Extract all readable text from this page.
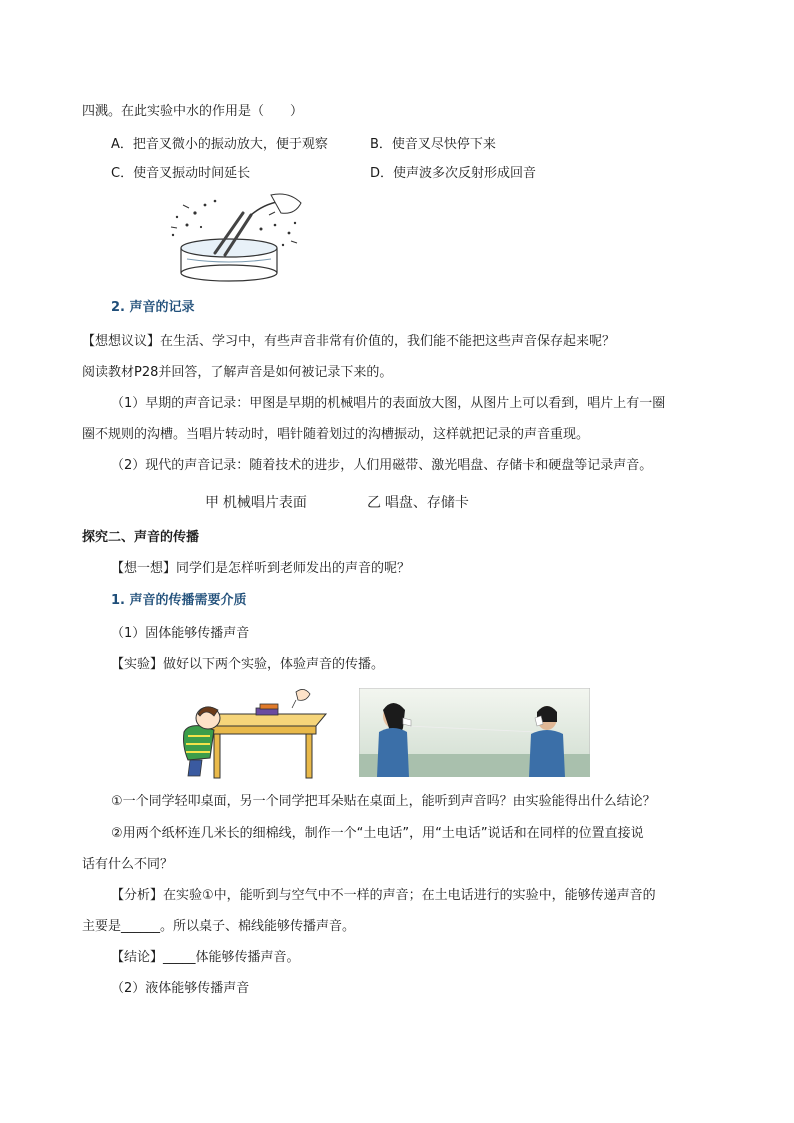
四溅。在此实验中水的作用是（　　）
A．把音叉微小的振动放大，便于观察	B．使音叉尽快停下来
C．使音叉振动时间延长	D．使声波多次反射形成回音
2. 声音的记录
【想想议议】在生活、学习中，有些声音非常有价值的，我们能不能把这些声音保存起来呢？
阅读教材P28并回答，了解声音是如何被记录下来的。
（1）早期的声音记录：甲图是早期的机械唱片的表面放大图，从图片上可以看到，唱片上有一圈
圈不规则的沟槽。当唱片转动时，唱针随着划过的沟槽振动，这样就把记录的声音重现。
（2）现代的声音记录：随着技术的进步，人们用磁带、激光唱盘、存储卡和硬盘等记录声音。
甲 机械唱片表面	乙 唱盘、存储卡
探究二、声音的传播
【想一想】同学们是怎样听到老师发出的声音的呢？
1. 声音的传播需要介质
（1）固体能够传播声音
【实验】做好以下两个实验，体验声音的传播。
①一个同学轻叩桌面，另一个同学把耳朵贴在桌面上，能听到声音吗？由实验能得出什么结论？
②用两个纸杯连几米长的细棉线，制作一个“土电话”，用“土电话”说话和在同样的位置直接说
话有什么不同？
【分析】在实验①中，能听到与空气中不一样的声音；在土电话进行的实验中，能够传递声音的
主要是______。所以桌子、棉线能够传播声音。
【结论】_____体能够传播声音。
（2）液体能够传播声音
